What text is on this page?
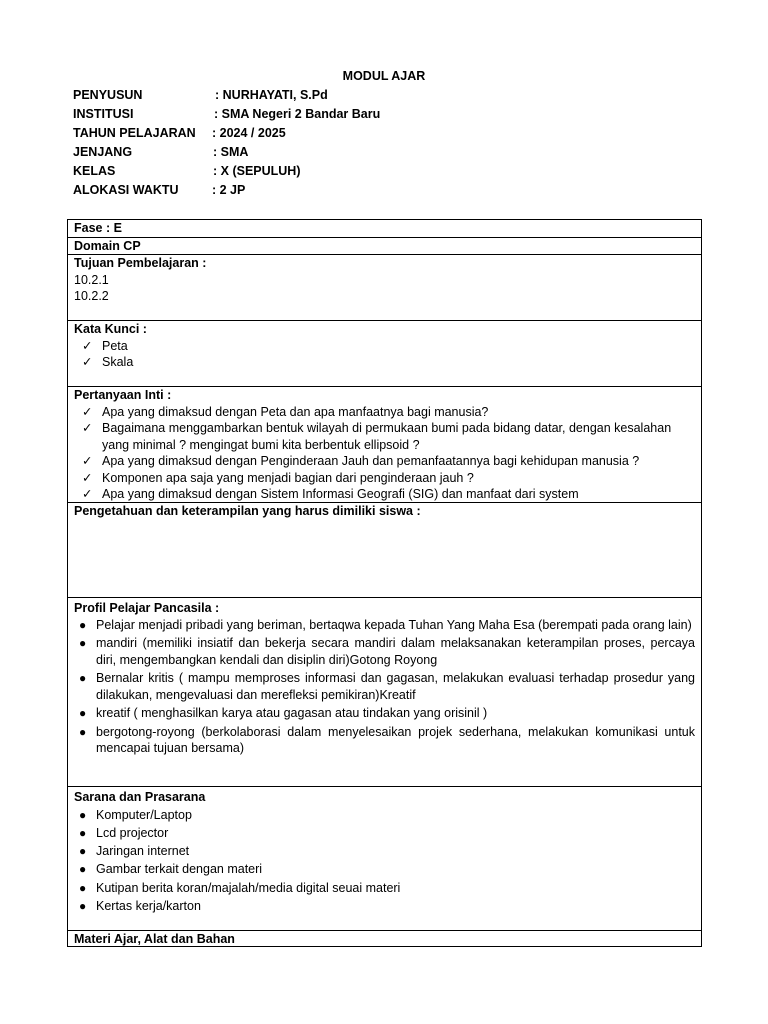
MODUL AJAR
PENYUSUN	: NURHAYATI, S.Pd
INSTITUSI	: SMA Negeri 2 Bandar Baru
TAHUN PELAJARAN : 2024 / 2025
JENJANG	: SMA
KELAS	: X (SEPULUH)
ALOKASI WAKTU	: 2 JP
Fase : E
Domain CP
Tujuan Pembelajaran :
10.2.1
10.2.2
Kata Kunci :
✓ Peta
✓ Skala
Pertanyaan Inti :
✓ Apa yang dimaksud dengan Peta dan apa manfaatnya bagi manusia?
✓ Bagaimana menggambarkan bentuk wilayah di permukaan bumi pada bidang datar, dengan kesalahan yang minimal ? mengingat bumi kita berbentuk ellipsoid ?
✓ Apa yang dimaksud dengan Penginderaan Jauh dan pemanfaatannya bagi kehidupan manusia ?
✓ Komponen apa saja yang menjadi bagian dari penginderaan jauh ?
✓ Apa yang dimaksud dengan Sistem Informasi Geografi (SIG) dan manfaat dari system
Pengetahuan dan keterampilan yang harus dimiliki siswa :
Profil Pelajar Pancasila :
● Pelajar menjadi pribadi yang beriman, bertaqwa kepada Tuhan Yang Maha Esa (berempati pada orang lain)
● mandiri (memiliki insiatif dan bekerja secara mandiri dalam melaksanakan keterampilan proses, percaya diri, mengembangkan kendali dan disiplin diri)Gotong Royong
● Bernalar kritis ( mampu memproses informasi dan gagasan, melakukan evaluasi terhadap prosedur yang dilakukan, mengevaluasi dan merefleksi pemikiran)Kreatif
● kreatif ( menghasilkan karya atau gagasan atau tindakan yang orisinil )
● bergotong-royong (berkolaborasi dalam menyelesaikan projek sederhana, melakukan komunikasi untuk mencapai tujuan bersama)
Sarana dan Prasarana
● Komputer/Laptop
● Lcd projector
● Jaringan internet
● Gambar terkait dengan materi
● Kutipan berita koran/majalah/media digital seuai materi
● Kertas kerja/karton
Materi Ajar, Alat dan Bahan
